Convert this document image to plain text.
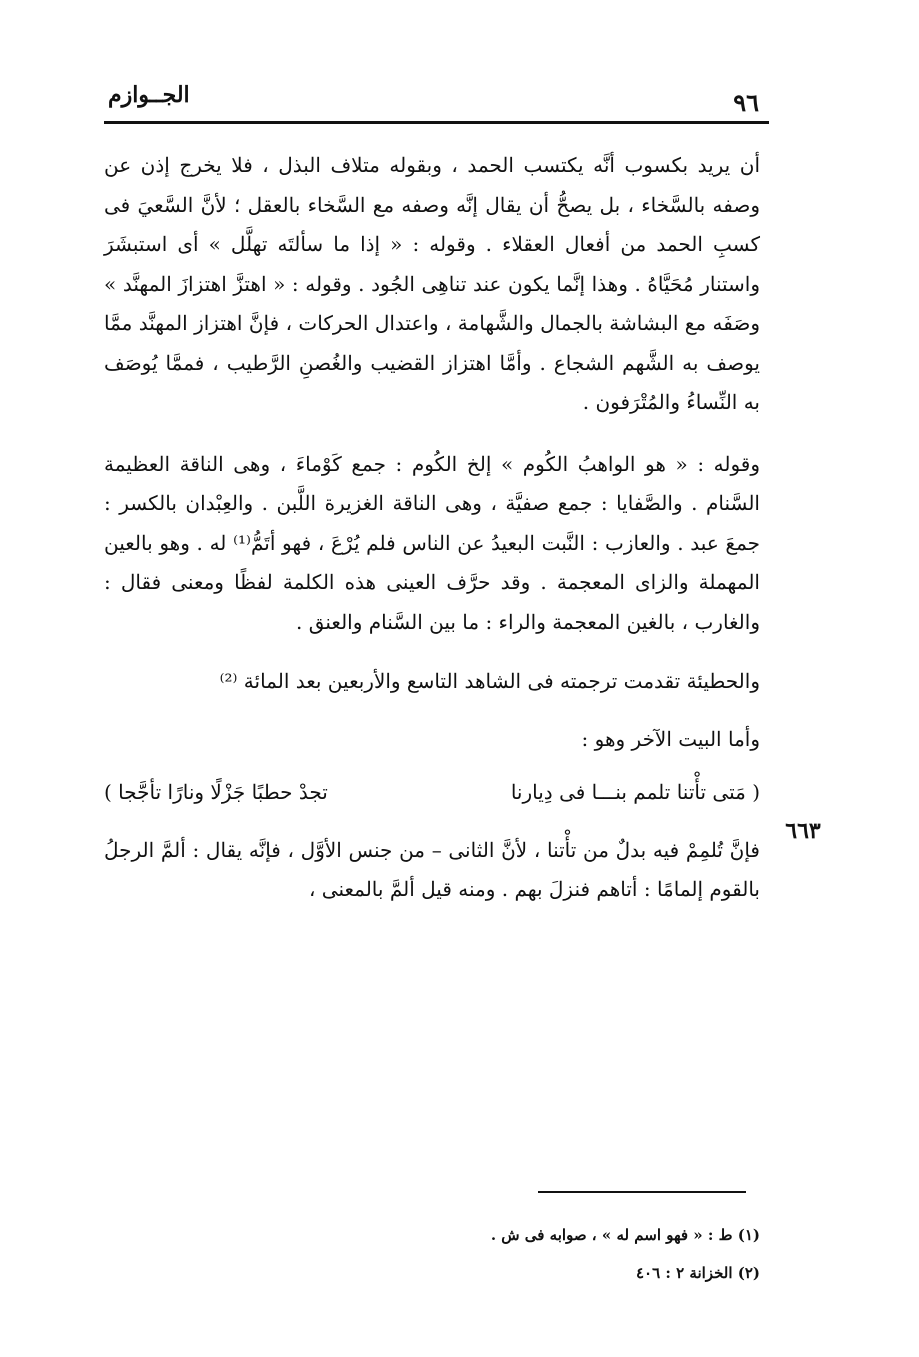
٩٦
الجــوازم

أن يريد بكسوب أنَّه يكتسب الحمد ، وبقوله متلاف البذل ، فلا يخرج إذن عن وصفه بالسَّخاء ، بل يصحُّ أن يقال إنَّه وصفه مع السَّخاء بالعقل ؛ لأنَّ السَّعيَ فى كسبِ الحمد من أفعال العقلاء . وقوله : « إذا ما سألتَه تهلَّل » أى استبشَرَ واستنار مُحَيَّاهُ . وهذا إنَّما يكون عند تناهِى الجُود . وقوله : « اهتزَّ اهتزازَ المهنَّد » وصَفَه مع البشاشة بالجمال والشَّهامة ، واعتدال الحركات ، فإنَّ اهتزاز المهنَّد ممَّا يوصف به الشَّهم الشجاع . وأمَّا اهتزاز القضيب والغُصنِ الرَّطيب ، فممَّا يُوصَف به النِّساءُ والمُتْرَفون .

وقوله : « هو الواهبُ الكُوم » إلخ الكُوم : جمع كَوْماءَ ، وهى الناقة العظيمة السَّنام . والصَّفايا : جمع صفيَّة ، وهى الناقة الغزيرة اللَّبن . والعِبْدان بالكسر : جمعَ عبد . والعازب : النَّبت البعيدُ عن الناس فلم يُرْعَ ، فهو أتَمُّ⁽¹⁾ له . وهو بالعين المهملة والزاى المعجمة . وقد حرَّف العينى هذه الكلمة لفظًا ومعنى فقال : والغارب ، بالغين المعجمة والراء : ما بين السَّنام والعنق .

والحطيئة تقدمت ترجمته فى الشاهد التاسع والأربعين بعد المائة ⁽²⁾

وأما البيت الآخر وهو :

( مَتى تأْتنا تلمم بنـــا فى دِيارنا
تجدْ حطبًا جَزْلًا ونارًا تأجَّجا )

فإنَّ تُلمِمْ فيه بدلٌ من تأْتنا ، لأنَّ الثانى – من جنس الأوَّل ، فإنَّه يقال : ألمَّ الرجلُ بالقوم إلمامًا : أتاهم فنزلَ بهم . ومنه قيل ألمَّ بالمعنى ،

٦٦٣
(١) ط : « فهو اسم له » ، صوابه فى ش .
(٢) الخزانة ٢ : ٤٠٦
